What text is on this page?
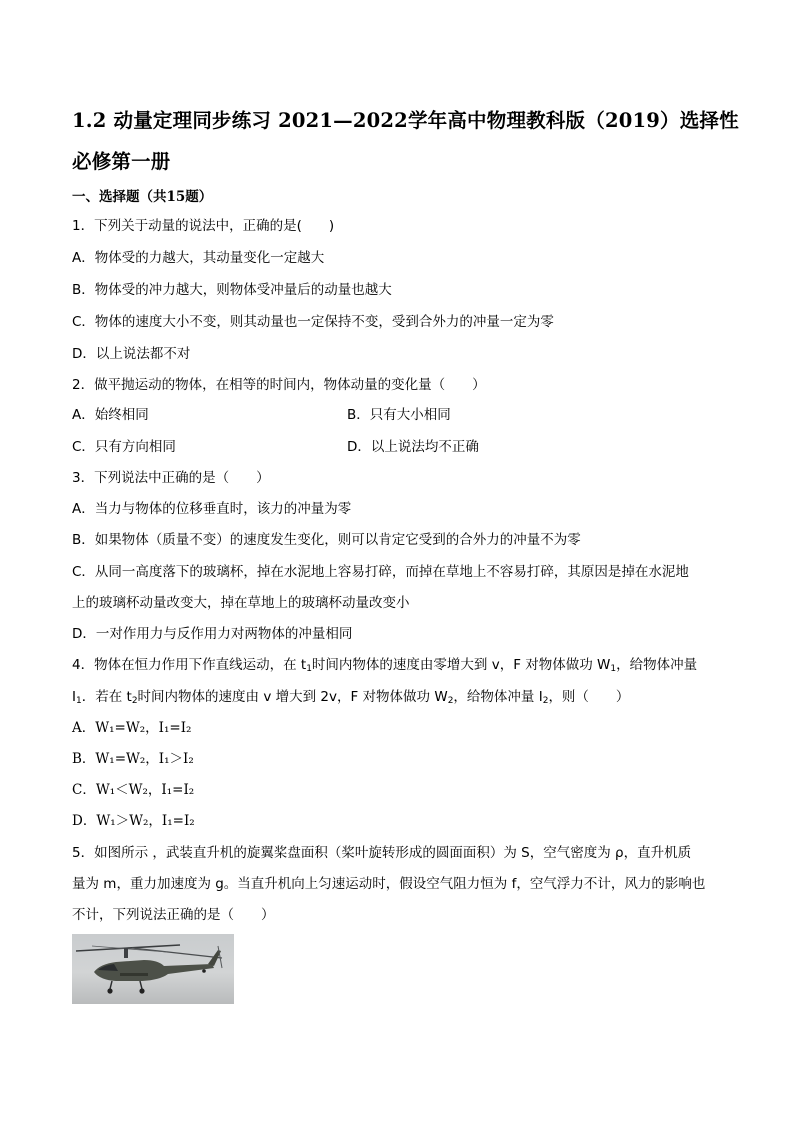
1.2 动量定理同步练习 2021—2022学年高中物理教科版（2019）选择性必修第一册
一、选择题（共15题）
1．下列关于动量的说法中，正确的是(　　)
A．物体受的力越大，其动量变化一定越大
B．物体受的冲力越大，则物体受冲量后的动量也越大
C．物体的速度大小不变，则其动量也一定保持不变，受到合外力的冲量一定为零
D．以上说法都不对
2．做平抛运动的物体，在相等的时间内，物体动量的变化量（　　）
A．始终相同	B．只有大小相同
C．只有方向相同	D．以上说法均不正确
3．下列说法中正确的是（　　）
A．当力与物体的位移垂直时，该力的冲量为零
B．如果物体（质量不变）的速度发生变化，则可以肯定它受到的合外力的冲量不为零
C．从同一高度落下的玻璃杯，掉在水泥地上容易打碎，而掉在草地上不容易打碎，其原因是掉在水泥地
上的玻璃杯动量改变大，掉在草地上的玻璃杯动量改变小
D．一对作用力与反作用力对两物体的冲量相同
4．物体在恒力作用下作直线运动，在 $t_1$时间内物体的速度由零增大到 v，F 对物体做功 $W_1$，给物体冲量
$I_1$．若在 $t_2$时间内物体的速度由 v 增大到 2v，F 对物体做功 $W_2$，给物体冲量 $I_2$，则（　　）
A．W₁=W₂，I₁=I₂
B．W₁=W₂，I₁＞I₂
C．W₁＜W₂，I₁=I₂
D．W₁＞W₂，I₁=I₂
5．如图所示 ，武装直升机的旋翼桨盘面积（桨叶旋转形成的圆面面积）为 S，空气密度为 ρ，直升机质
量为 m，重力加速度为 g。当直升机向上匀速运动时，假设空气阻力恒为 f，空气浮力不计，风力的影响也
不计，下列说法正确的是（　　）
